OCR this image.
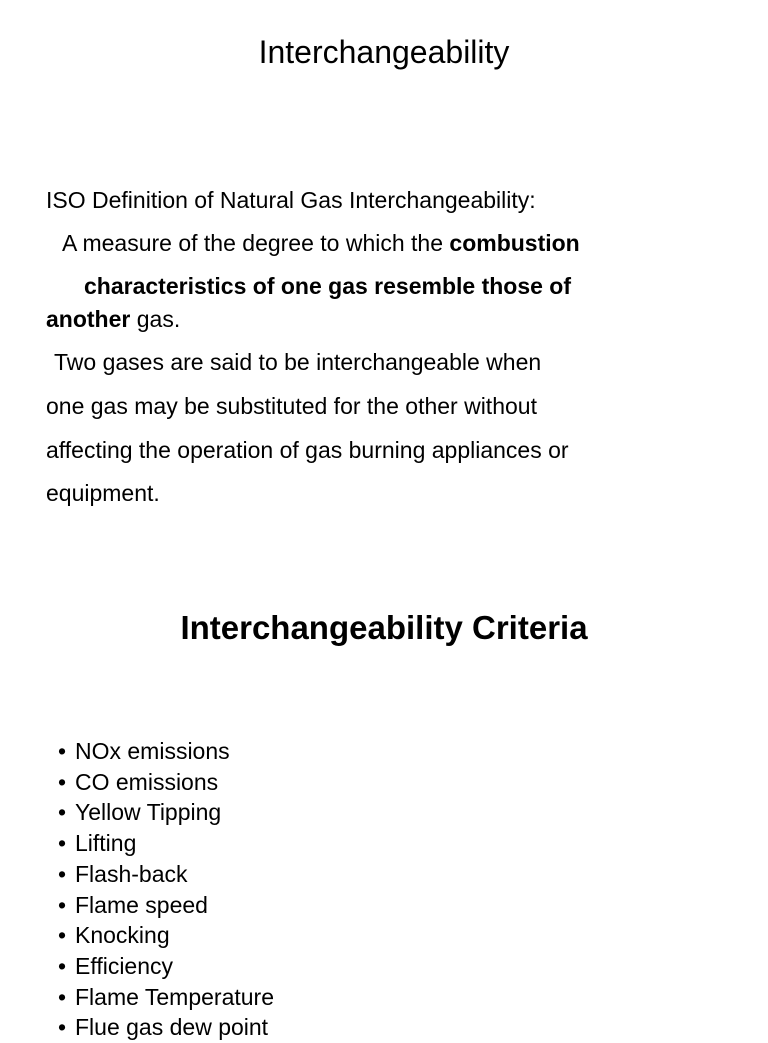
Interchangeability
ISO Definition of Natural Gas Interchangeability:
A measure of the degree to which the combustion
characteristics of one gas resemble those of
another gas.
Two gases are said to be interchangeable when
one gas may be substituted for the other without
affecting the operation of gas burning appliances or
equipment.
Interchangeability Criteria
• NOx emissions
• CO emissions
• Yellow Tipping
• Lifting
• Flash-back
• Flame speed
• Knocking
• Efficiency
• Flame Temperature
• Flue gas dew point
